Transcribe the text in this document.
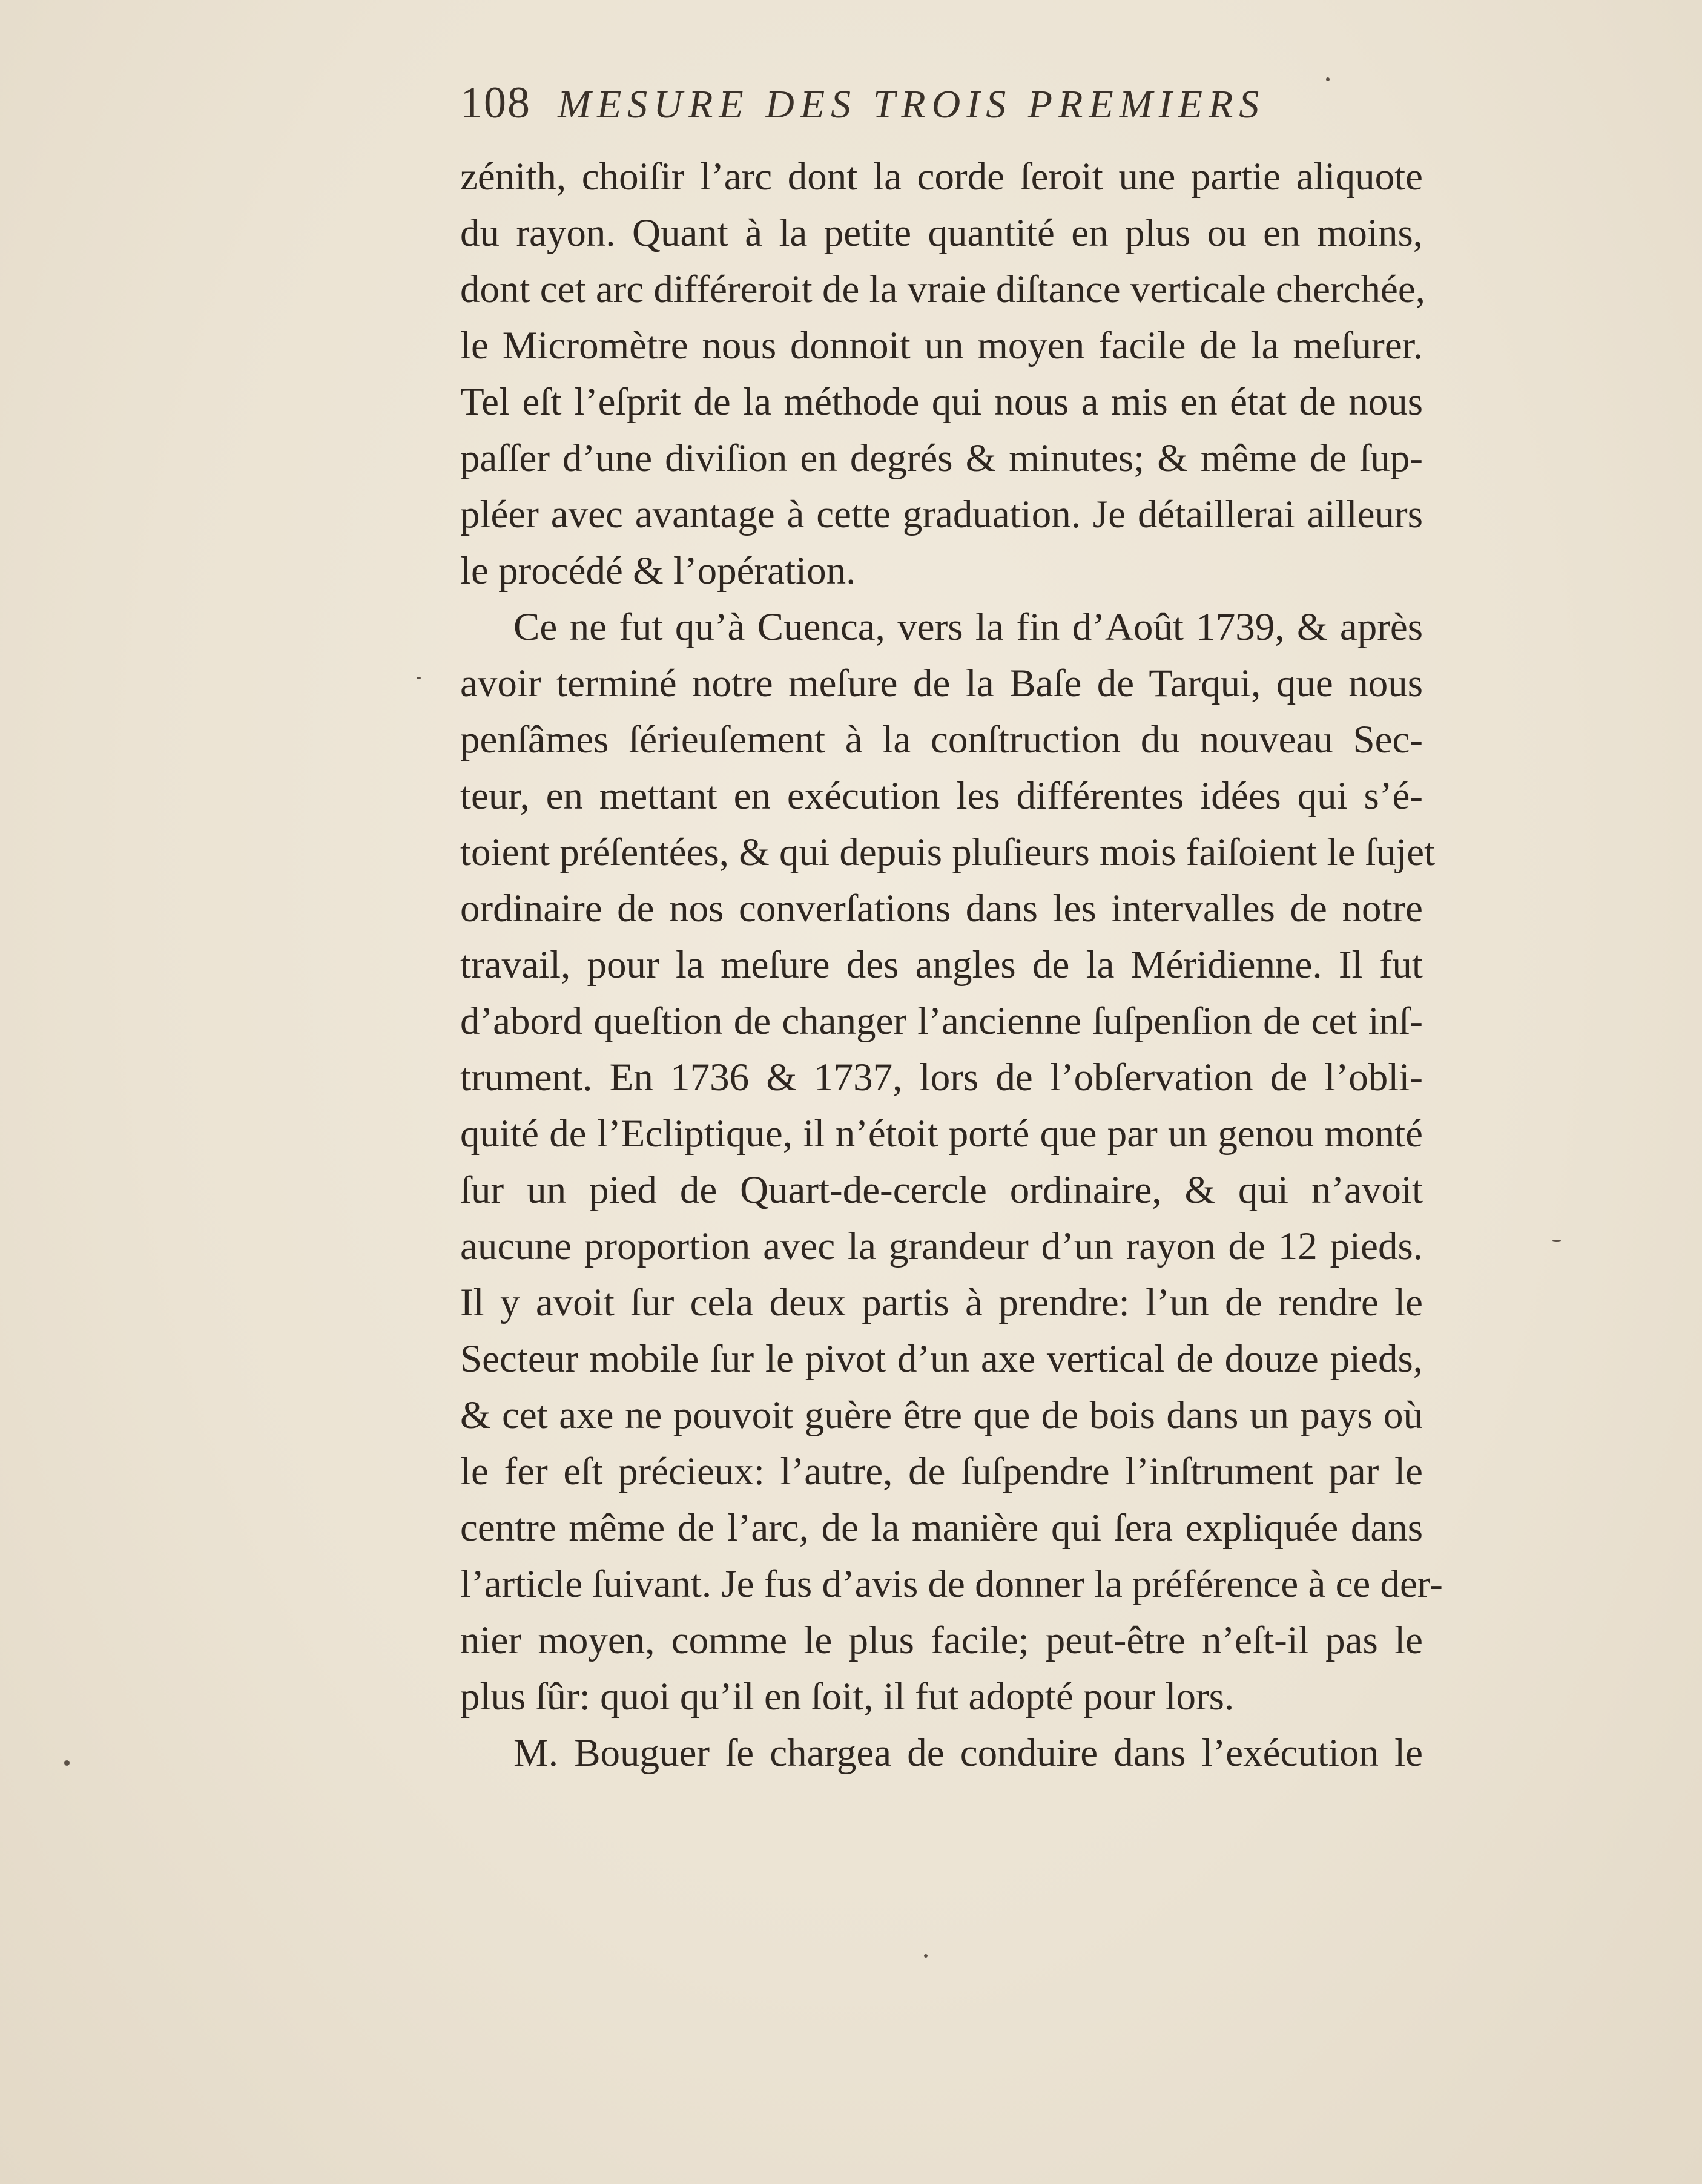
108 MESURE DES TROIS PREMIERS
zénith, choiſir l’arc dont la corde ſeroit une partie aliquote
du rayon. Quant à la petite quantité en plus ou en moins,
dont cet arc différeroit de la vraie diſtance verticale cherchée,
le Micromètre nous donnoit un moyen facile de la meſurer.
Tel eſt l’eſprit de la méthode qui nous a mis en état de nous
paſſer d’une diviſion en degrés & minutes; & même de ſup-
pléer avec avantage à cette graduation. Je détaillerai ailleurs
le procédé & l’opération.
Ce ne fut qu’à Cuenca, vers la fin d’Août 1739, & après
avoir terminé notre meſure de la Baſe de Tarqui, que nous
penſâmes ſérieuſement à la conſtruction du nouveau Sec-
teur, en mettant en exécution les différentes idées qui s’é-
toient préſentées, & qui depuis pluſieurs mois faiſoient le ſujet
ordinaire de nos converſations dans les intervalles de notre
travail, pour la meſure des angles de la Méridienne. Il fut
d’abord queſtion de changer l’ancienne ſuſpenſion de cet inſ-
trument. En 1736 & 1737, lors de l’obſervation de l’obli-
quité de l’Ecliptique, il n’étoit porté que par un genou monté
ſur un pied de Quart-de-cercle ordinaire, & qui n’avoit
aucune proportion avec la grandeur d’un rayon de 12 pieds.
Il y avoit ſur cela deux partis à prendre: l’un de rendre le
Secteur mobile ſur le pivot d’un axe vertical de douze pieds,
& cet axe ne pouvoit guère être que de bois dans un pays où
le fer eſt précieux: l’autre, de ſuſpendre l’inſtrument par le
centre même de l’arc, de la manière qui ſera expliquée dans
l’article ſuivant. Je fus d’avis de donner la préférence à ce der-
nier moyen, comme le plus facile; peut-être n’eſt-il pas le
plus ſûr: quoi qu’il en ſoit, il fut adopté pour lors.
M. Bouguer ſe chargea de conduire dans l’exécution le
